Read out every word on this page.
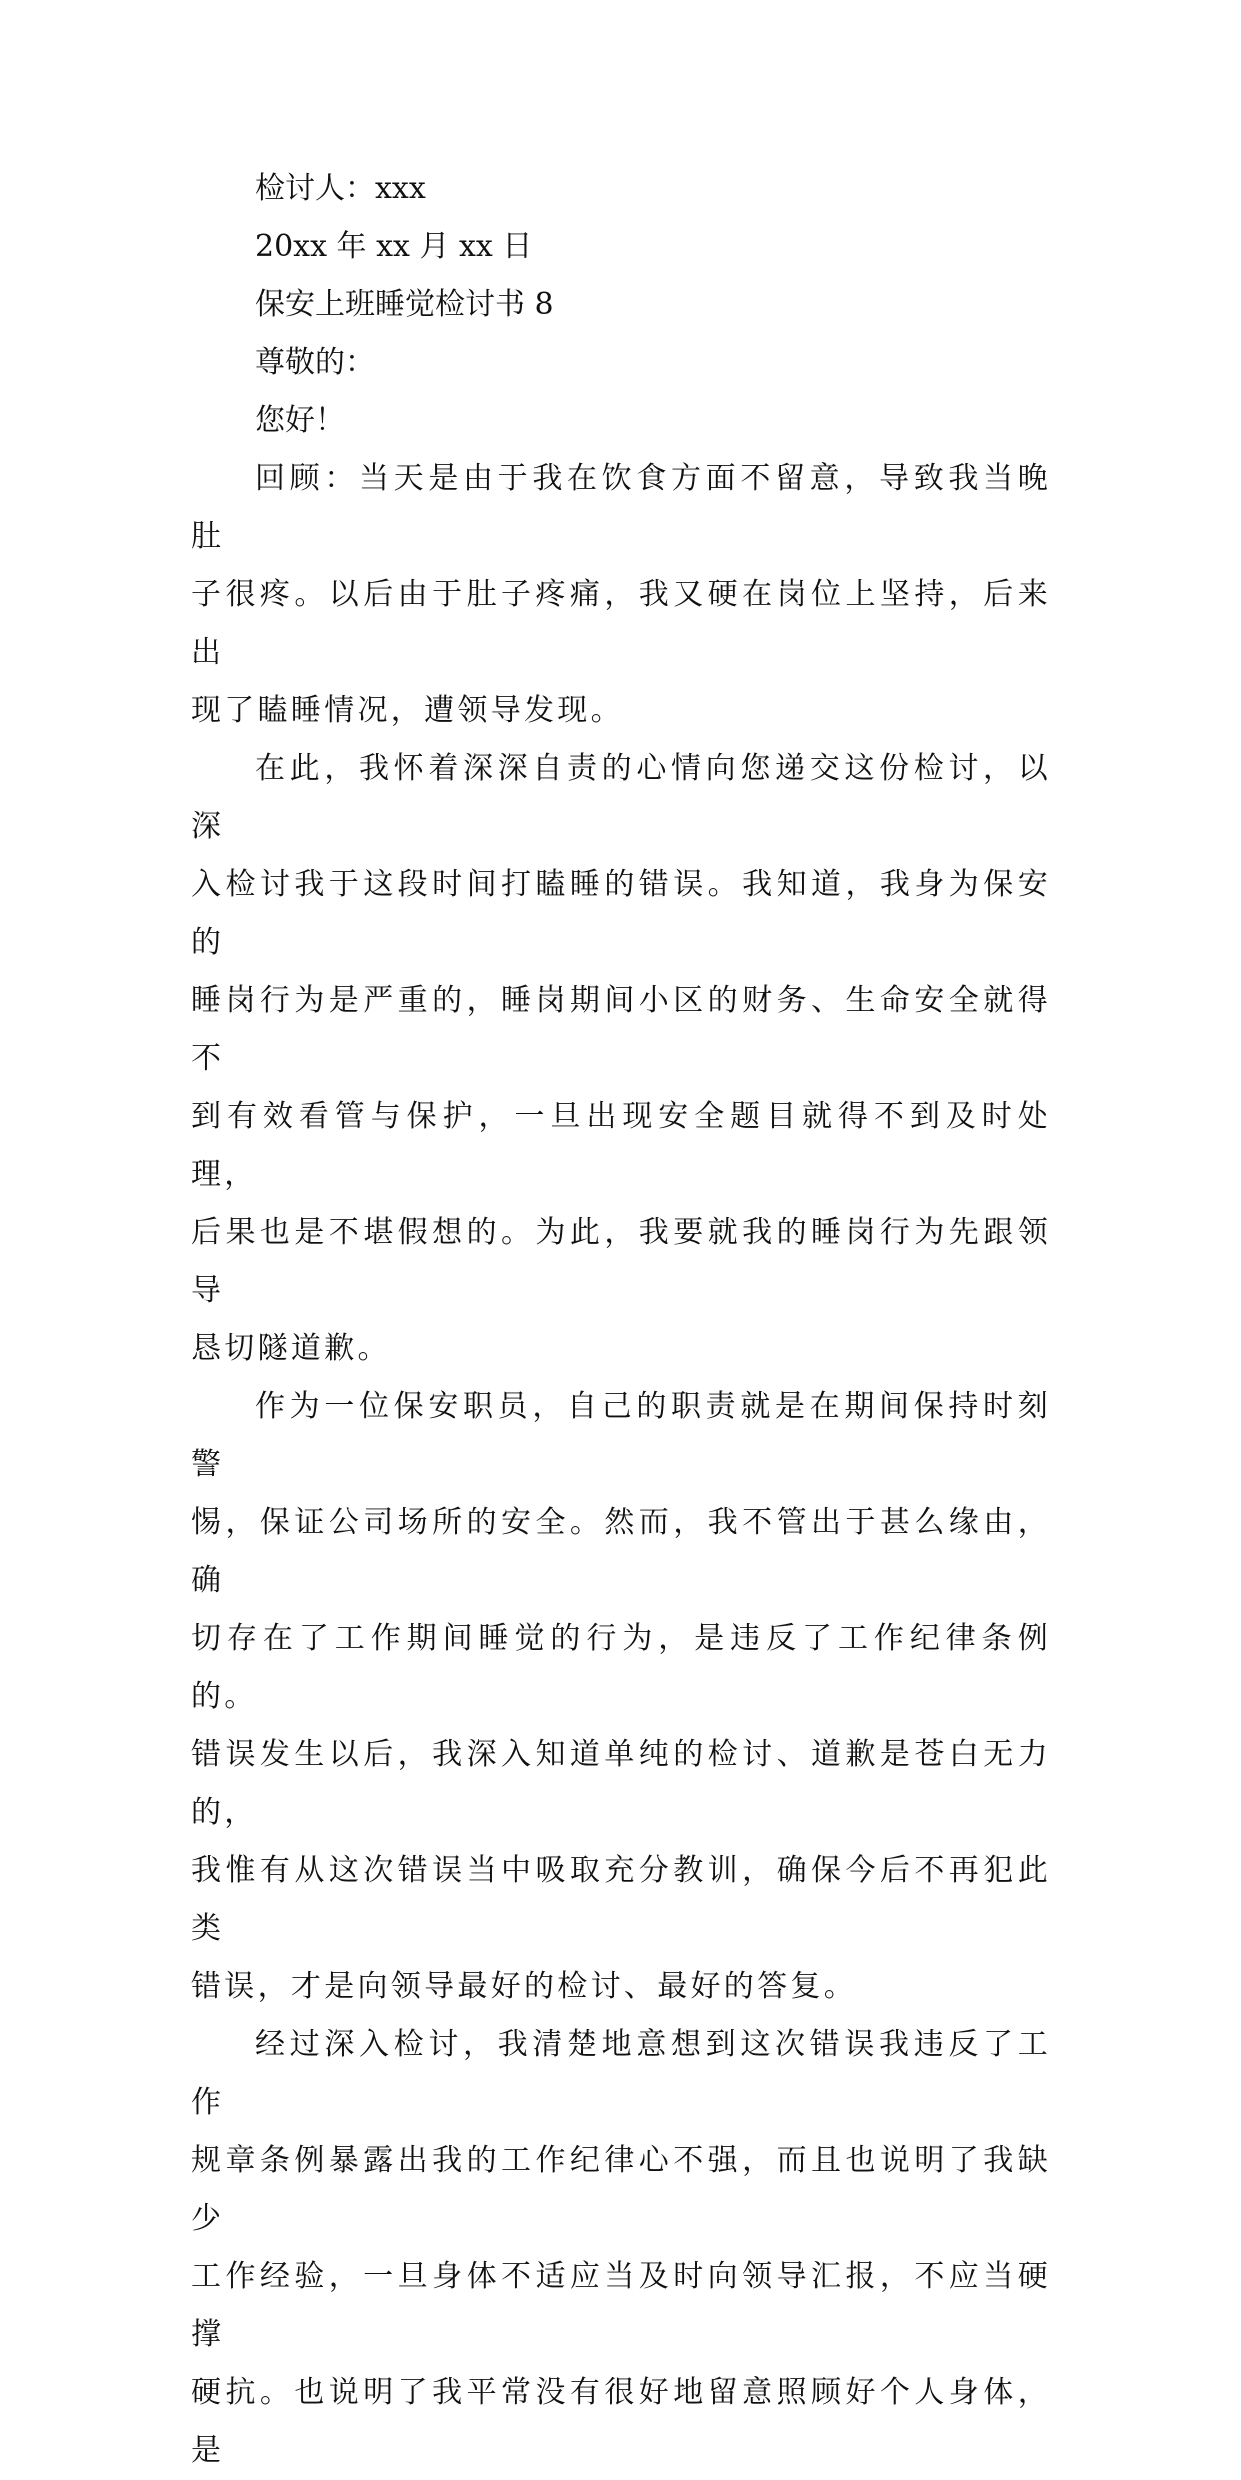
检讨人：xxx

20xx 年 xx 月 xx 日

保安上班睡觉检讨书 8

尊敬的：

您好！

回顾：当天是由于我在饮食方面不留意，导致我当晚肚
子很疼。以后由于肚子疼痛，我又硬在岗位上坚持，后来出
现了瞌睡情况，遭领导发现。
在此，我怀着深深自责的心情向您递交这份检讨，以深
入检讨我于这段时间打瞌睡的错误。我知道，我身为保安的
睡岗行为是严重的，睡岗期间小区的财务、生命安全就得不
到有效看管与保护，一旦出现安全题目就得不到及时处理，
后果也是不堪假想的。为此，我要就我的睡岗行为先跟领导
恳切隧道歉。
作为一位保安职员，自己的职责就是在期间保持时刻警
惕，保证公司场所的安全。然而，我不管出于甚么缘由，确
切存在了工作期间睡觉的行为，是违反了工作纪律条例的。
错误发生以后，我深入知道单纯的检讨、道歉是苍白无力的，
我惟有从这次错误当中吸取充分教训，确保今后不再犯此类
错误，才是向领导最好的检讨、最好的答复。
经过深入检讨，我清楚地意想到这次错误我违反了工作
规章条例暴露出我的工作纪律心不强，而且也说明了我缺少
工作经验，一旦身体不适应当及时向领导汇报，不应当硬撑
硬抗。也说明了我平常没有很好地留意照顾好个人身体，是
